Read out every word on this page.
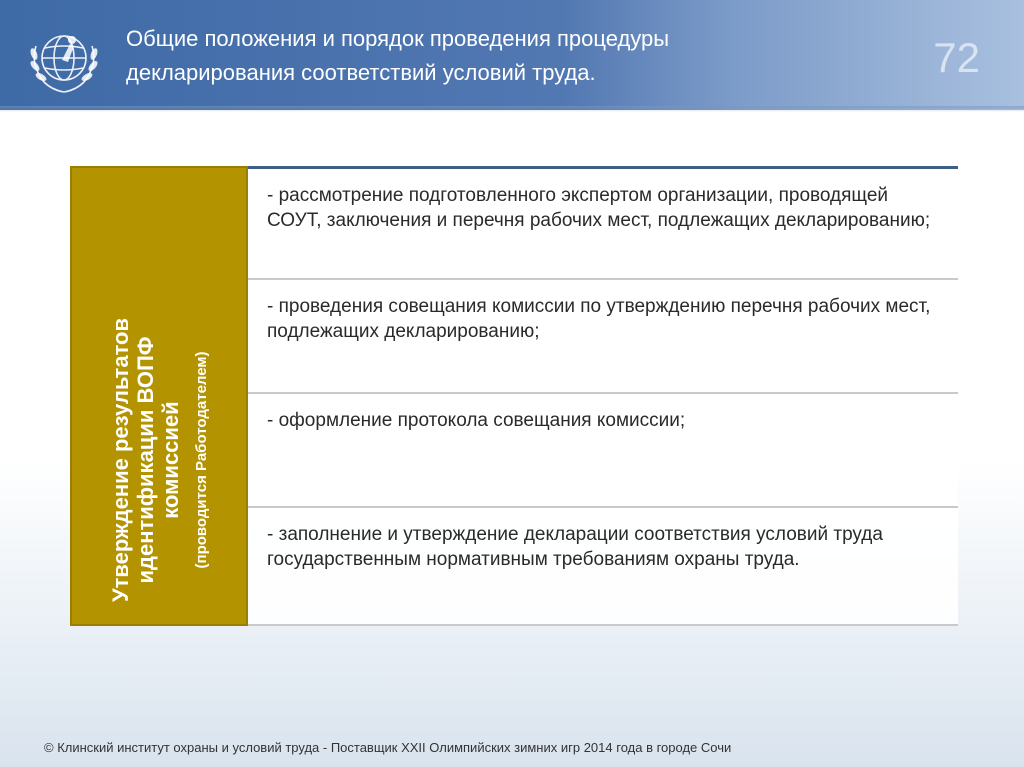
Общие положения и порядок проведения процедуры
декларирования соответствий условий труда.	72
Утверждение результатов идентификации ВОПФ комиссией (проводится Работодателем)
- рассмотрение подготовленного экспертом организации, проводящей СОУТ, заключения и перечня рабочих мест, подлежащих декларированию;
- проведения совещания комиссии по утверждению перечня рабочих мест, подлежащих декларированию;
- оформление протокола совещания комиссии;
- заполнение и утверждение декларации соответствия условий труда государственным нормативным требованиям охраны труда.
© Клинский институт охраны и условий труда - Поставщик XXII Олимпийских зимних игр 2014 года в городе Сочи
